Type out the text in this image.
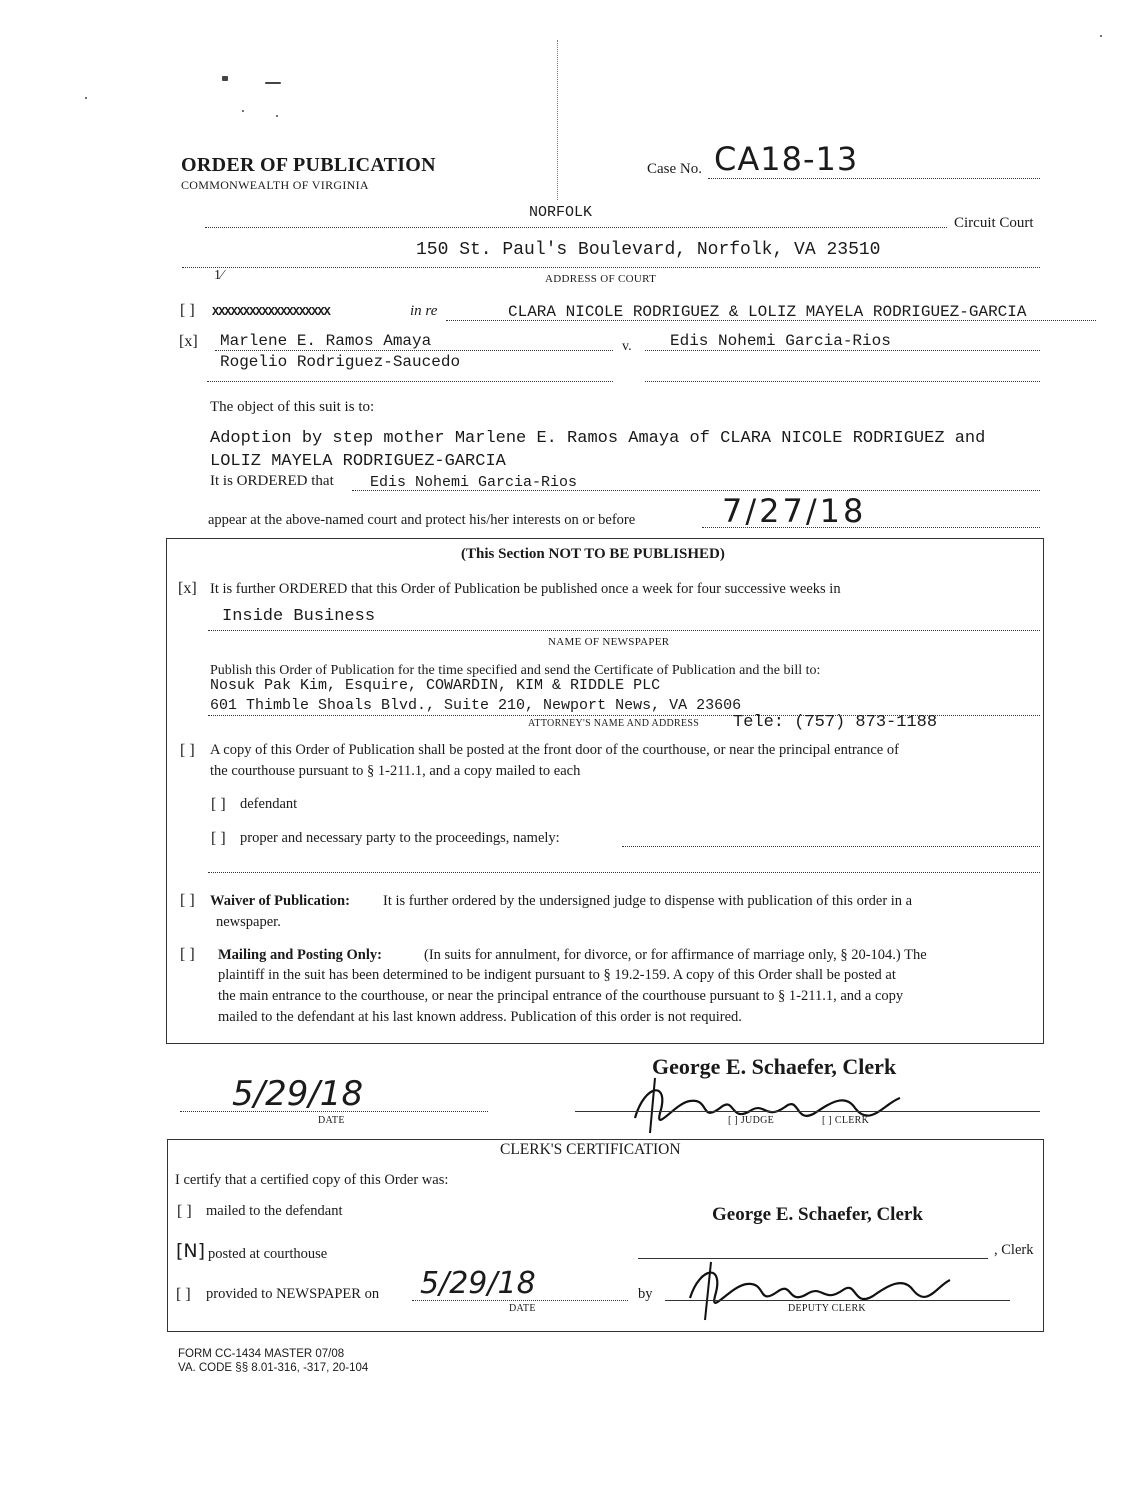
ORDER OF PUBLICATION
COMMONWEALTH OF VIRGINIA
Case No. CA18-13
NORFOLK
Circuit Court
150 St. Paul's Boulevard, Norfolk, VA 23510
1⁄	ADDRESS OF COURT
[ ] XXXXXXXXXXXXXXXXXXX	in re	CLARA NICOLE RODRIGUEZ & LOLIZ MAYELA RODRIGUEZ-GARCIA
[x] Marlene E. Ramos Amaya
Rogelio Rodriguez-Saucedo
v. Edis Nohemi Garcia-Rios
The object of this suit is to:
Adoption by step mother Marlene E. Ramos Amaya of CLARA NICOLE RODRIGUEZ and
LOLIZ MAYELA RODRIGUEZ-GARCIA
It is ORDERED that Edis Nohemi Garcia-Rios
appear at the above-named court and protect his/her interests on or before	7/27/18
(This Section NOT TO BE PUBLISHED)
[x] It is further ORDERED that this Order of Publication be published once a week for four successive weeks in
Inside Business
NAME OF NEWSPAPER
Publish this Order of Publication for the time specified and send the Certificate of Publication and the bill to:
Nosuk Pak Kim, Esquire, COWARDIN, KIM & RIDDLE PLC
601 Thimble Shoals Blvd., Suite 210, Newport News, VA 23606
ATTORNEY'S NAME AND ADDRESS Tele: (757) 873-1188
[ ] A copy of this Order of Publication shall be posted at the front door of the courthouse, or near the principal entrance of
the courthouse pursuant to § 1-211.1, and a copy mailed to each
[ ] defendant
[ ] proper and necessary party to the proceedings, namely:
[ ] Waiver of Publication: It is further ordered by the undersigned judge to dispense with publication of this order in a
newspaper.
[ ] Mailing and Posting Only:	(In suits for annulment, for divorce, or for affirmance of marriage only, § 20-104.) The
plaintiff in the suit has been determined to be indigent pursuant to § 19.2-159. A copy of this Order shall be posted at
the main entrance to the courthouse, or near the principal entrance of the courthouse pursuant to § 1-211.1, and a copy
mailed to the defendant at his last known address. Publication of this order is not required.
5/29/18
DATE
George E. Schaefer, Clerk
[ ] JUDGE	[ ] CLERK
CLERK'S CERTIFICATION
I certify that a certified copy of this Order was:
[ ] mailed to the defendant	George E. Schaefer, Clerk
[N] posted at courthouse	, Clerk
[ ] provided to NEWSPAPER on 5/29/18
DATE
by
DEPUTY CLERK
FORM CC-1434 MASTER 07/08
VA. CODE §§ 8.01-316, -317, 20-104
